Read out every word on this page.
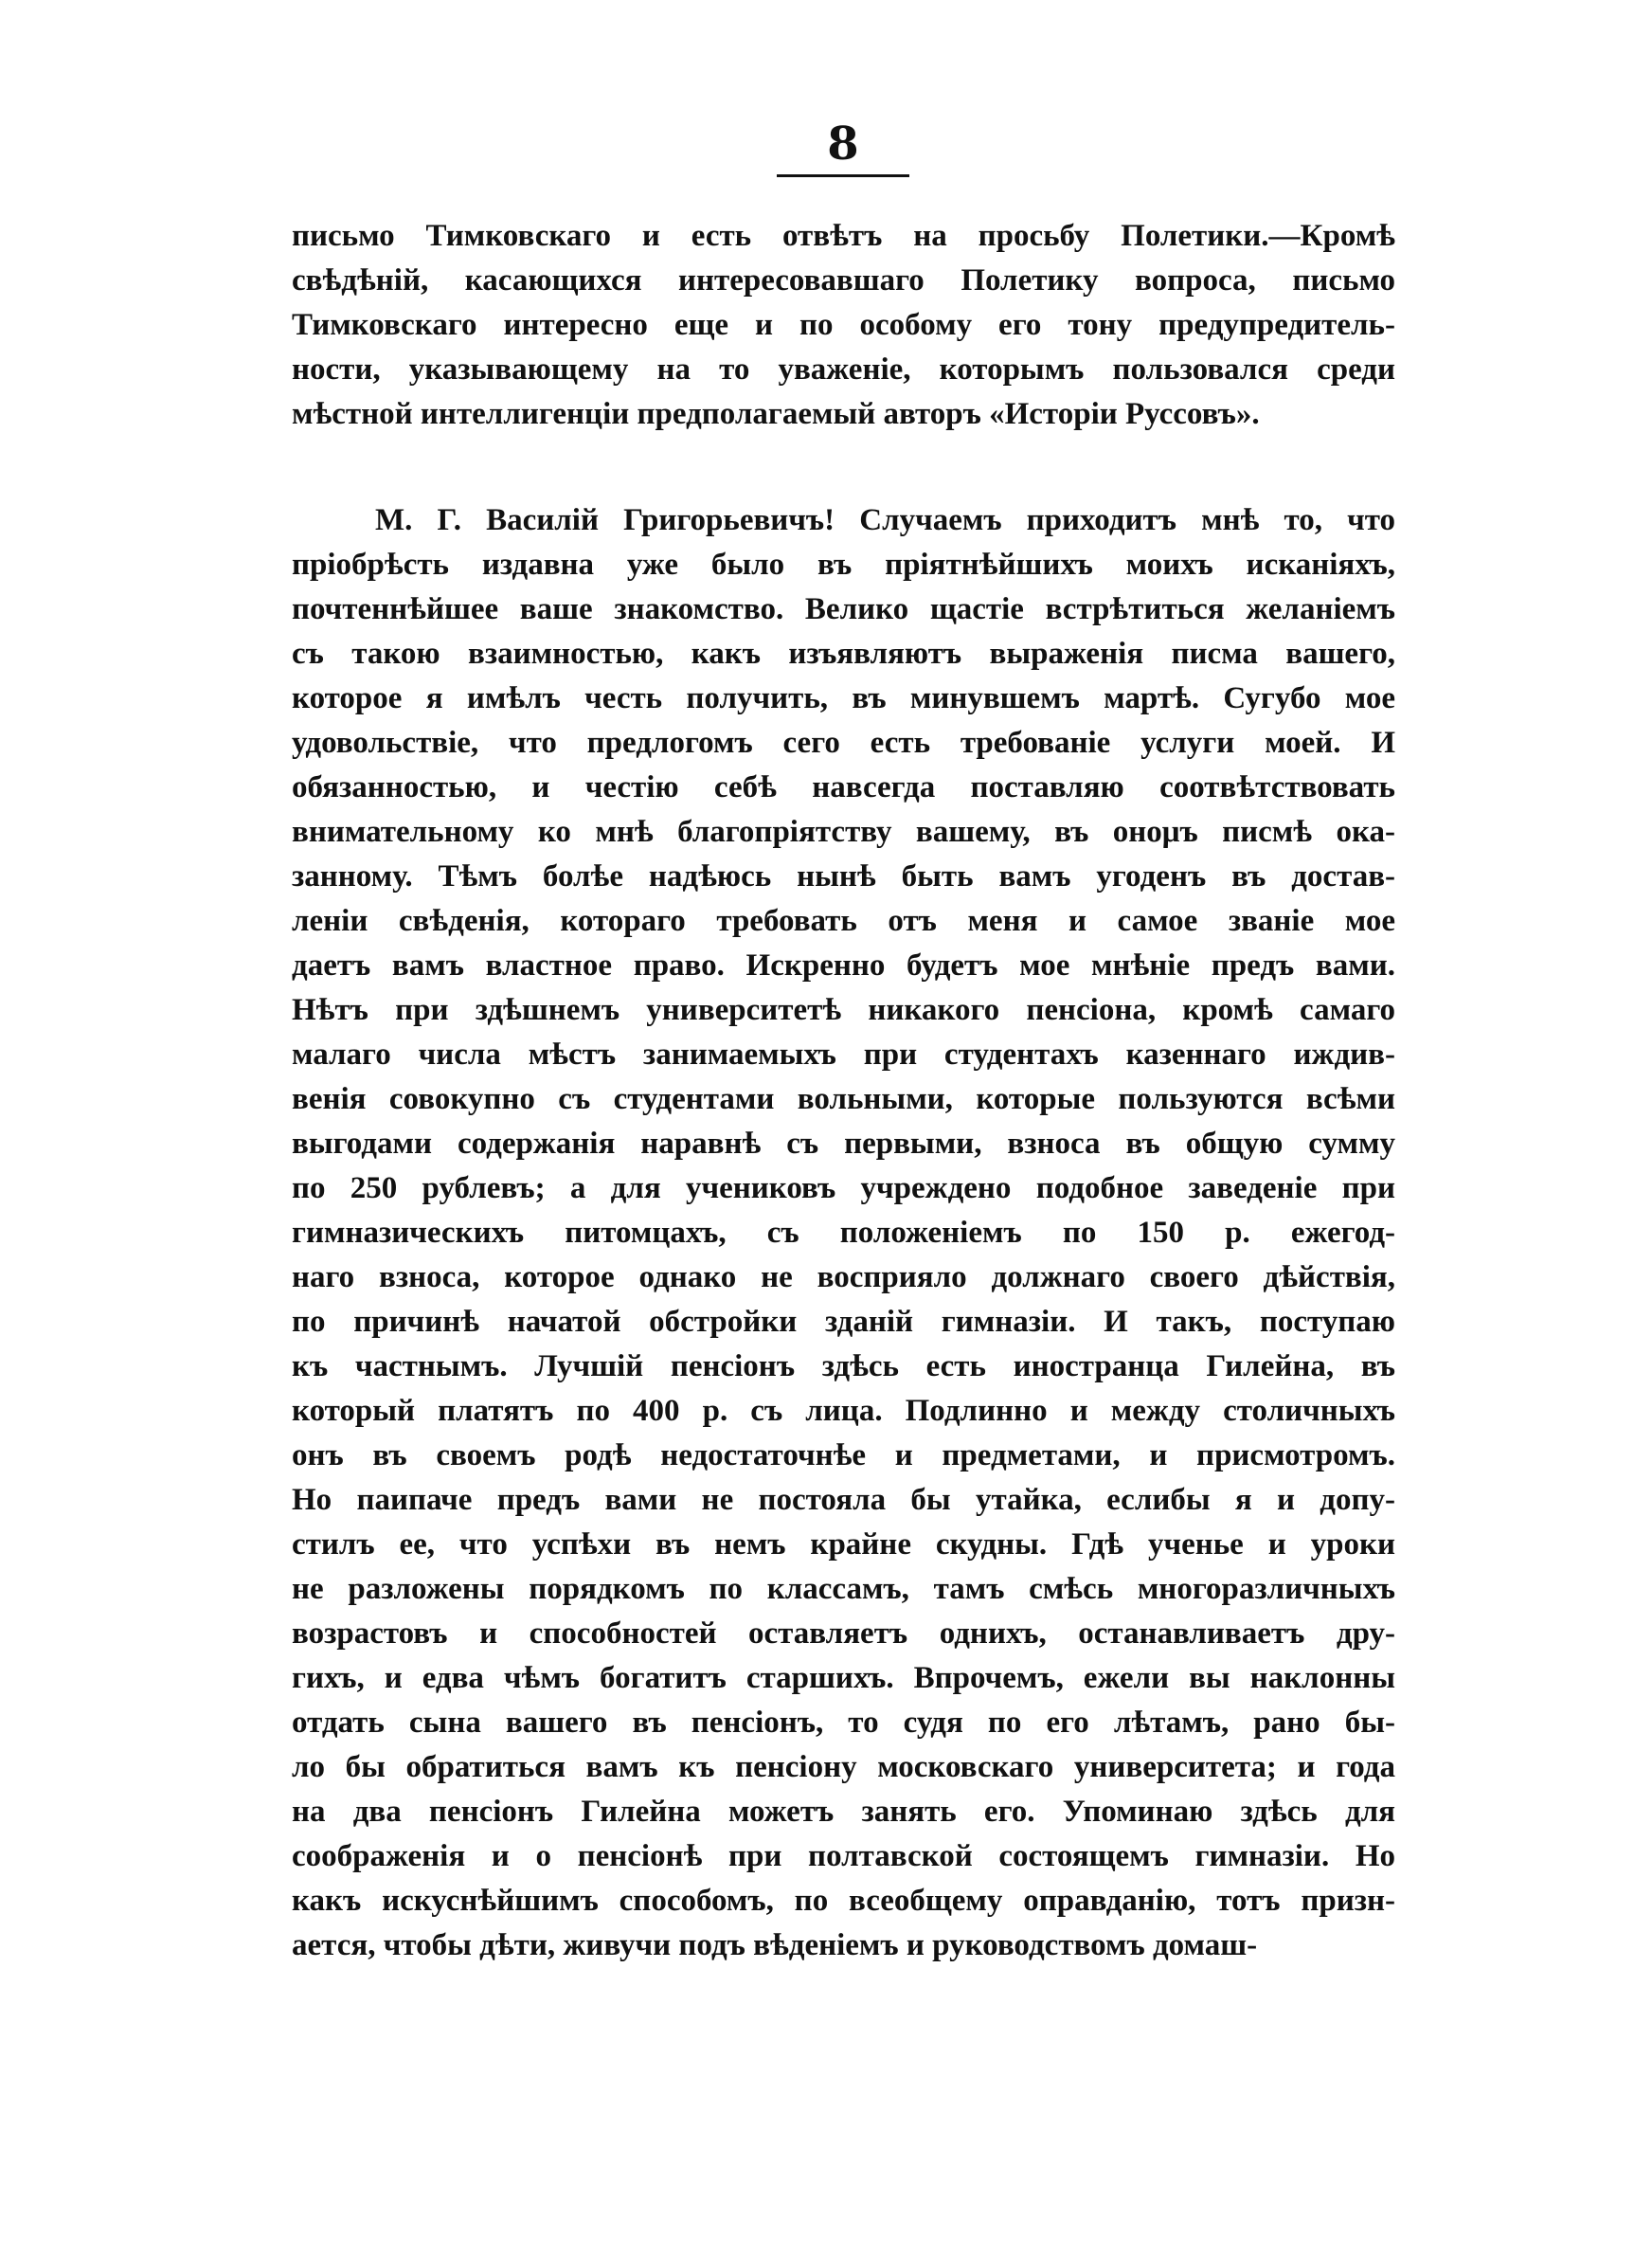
8
письмо Тимковскаго и есть отвѣтъ на просьбу Полетики.—Кромѣ
свѣдѣній, касающихся интересовавшаго Полетику вопроса, письмо
Тимковскаго интересно еще и по особому его тону предупредитель-
ности, указывающему на то уваженіе, которымъ пользовался среди
мѣстной интеллигенціи предполагаемый авторъ «Исторіи Руссовъ».
М. Г. Василій Григорьевичъ! Случаемъ приходитъ мнѣ то, что
пріобрѣсть издавна уже было въ пріятнѣйшихъ моихъ исканіяхъ,
почтеннѣйшее ваше знакомство. Велико щастіе встрѣтиться желаніемъ
съ такою взаимностью, какъ изъявляютъ выраженія писма вашего,
которое я имѣлъ честь получить, въ минувшемъ мартѣ. Сугубо мое
удовольствіе, что предлогомъ сего есть требованіе услуги моей. И
обязанностью, и честію себѣ навсегда поставляю соотвѣтствовать
внимательному ко мнѣ благопріятству вашему, въ онομъ писмѣ ока-
занному. Тѣмъ болѣе надѣюсь нынѣ быть вамъ угоденъ въ достав-
леніи свѣденія, котораго требовать отъ меня и самое званіе мое
даетъ вамъ властное право. Искренно будетъ мое мнѣніе предъ вами.
Нѣтъ при здѣшнемъ университетѣ никакого пенсіона, кромѣ самаго
малаго числа мѣстъ занимаемыхъ при студентахъ казеннаго иждив-
венія совокупно съ студентами вольными, которые пользуются всѣми
выгодами содержанія наравнѣ съ первыми, взноса въ общую сумму
по 250 рублевъ; а для учениковъ учреждено подобное заведеніе при
гимназическихъ питомцахъ, съ положеніемъ по 150 р. ежегод-
наго взноса, которое однако не восприяло должнаго своего дѣйствія,
по причинѣ начатой обстройки зданій гимназіи. И такъ, поступаю
къ частнымъ. Лучшій пенсіонъ здѣсь есть иностранца Гилейна, въ
который платятъ по 400 р. съ лица. Подлинно и между столичныхъ
онъ въ своемъ родѣ недостаточнѣе и предметами, и присмотромъ.
Но паипаче предъ вами не постояла бы утайка, еслибы я и допу-
стилъ ее, что успѣхи въ немъ крайне скудны. Гдѣ ученье и уроки
не разложены порядкомъ по классамъ, тамъ смѣсь многоразличныхъ
возрастовъ и способностей оставляетъ однихъ, останавливаетъ дру-
гихъ, и едва чѣмъ богатитъ старшихъ. Впрочемъ, ежели вы наклонны
отдать сына вашего въ пенсіонъ, то судя по его лѣтамъ, рано бы-
ло бы обратиться вамъ къ пенсіону московскаго университета; и года
на два пенсіонъ Гилейна можетъ занять его. Упоминаю здѣсь для
соображенія и о пенсіонѣ при полтавской состоящемъ гимназіи. Но
какъ искуснѣйшимъ способомъ, по всеобщему оправданію, тотъ призн-
ается, чтобы дѣти, живучи подъ вѣденіемъ и руководствомъ домаш-
